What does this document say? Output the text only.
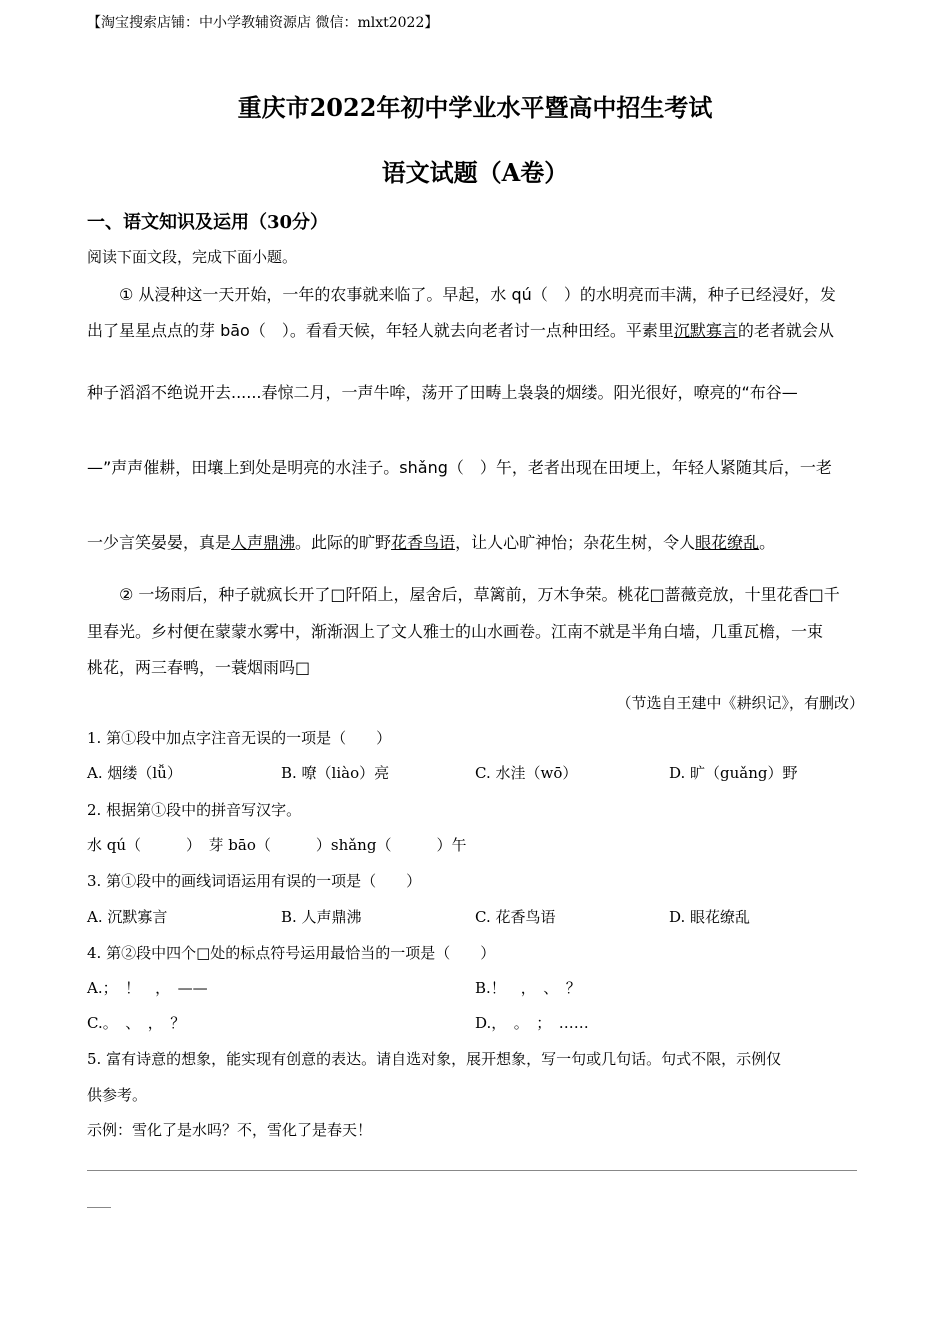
【淘宝搜索店铺：中小学教辅资源店 微信：mlxt2022】
重庆市2022年初中学业水平暨高中招生考试
语文试题（A卷）
一、语文知识及运用（30分）
阅读下面文段，完成下面小题。
① 从浸种这一天开始，一年的农事就来临了。早起，水 qú（　）的水明亮而丰满，种子已经浸好，发
出了星星点点的芽 bāo（　）。看看天候，年轻人就去向老者讨一点种田经。平素里沉默寡言的老者就会从
种子滔滔不绝说开去......春惊二月，一声牛哞，荡开了田畴上袅袅的烟缕。阳光很好，嘹亮的“布谷—
—”声声催耕，田壤上到处是明亮的水洼子。shǎng（　）午，老者出现在田埂上，年轻人紧随其后，一老
一少言笑晏晏，真是人声鼎沸。此际的旷野花香鸟语，让人心旷神怡；杂花生树，令人眼花缭乱。
② 一场雨后，种子就疯长开了□阡陌上，屋舍后，草篱前，万木争荣。桃花□蔷薇竞放，十里花香□千
里春光。乡村便在蒙蒙水雾中，渐渐洇上了文人雅士的山水画卷。江南不就是半角白墙，几重瓦檐，一束
桃花，两三春鸭，一蓑烟雨吗□
（节选自王建中《耕织记》，有删改）
1. 第①段中加点字注音无误的一项是（　　）
A. 烟缕（lǚ）	B. 嘹（liào）亮	C. 水洼（wō）	D. 旷（guǎng）野
2. 根据第①段中的拼音写汉字。
水 qú（　　　）　芽 bāo（　　　）shǎng（　　　）午
3. 第①段中的画线词语运用有误的一项是（　　）
A. 沉默寡言	B. 人声鼎沸	C. 花香鸟语	D. 眼花缭乱
4. 第②段中四个□处的标点符号运用最恰当的一项是（　　）
A.；　！　，　——	B.！　，　、　？
C.。　、　，　？	D.，　。　；　……
5. 富有诗意的想象，能实现有创意的表达。请自选对象，展开想象，写一句或几句话。句式不限，示例仅
供参考。
示例：雪化了是水吗？不，雪化了是春天！
